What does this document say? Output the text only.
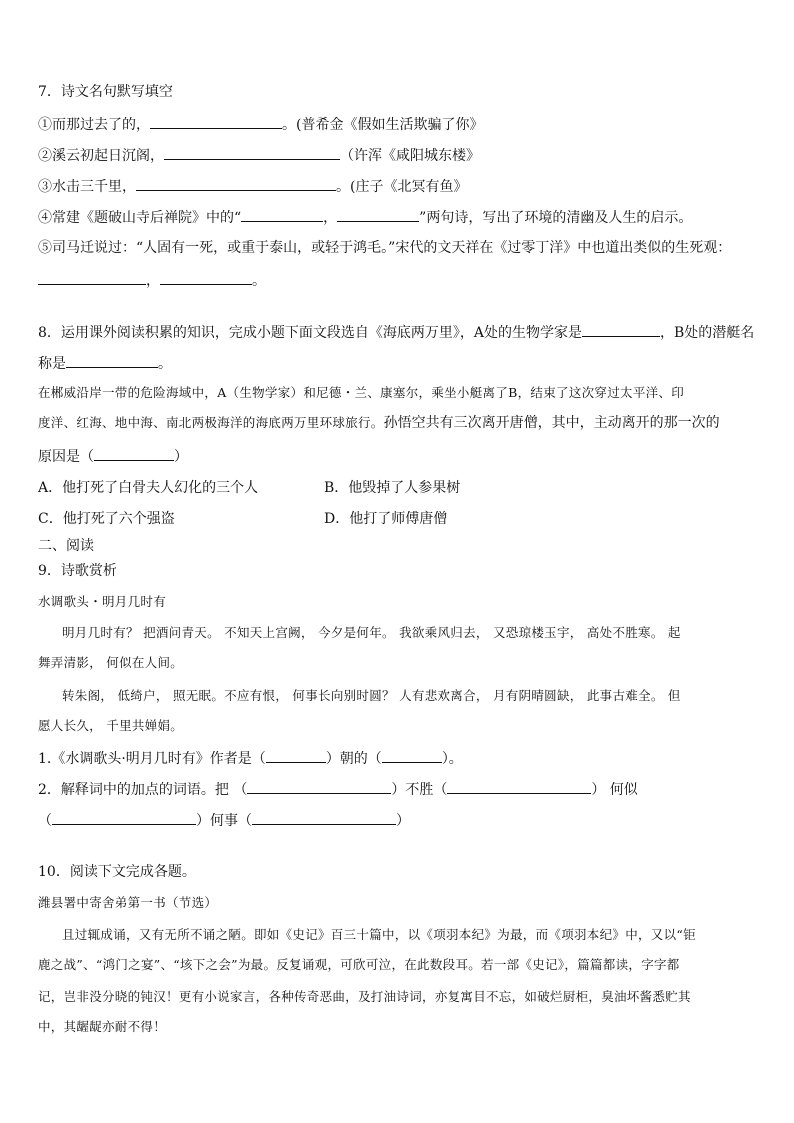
7．诗文名句默写填空
①而那过去了的，	。(普希金《假如生活欺骗了你》
②溪云初起日沉阁，	（许浑《咸阳城东楼》
③水击三千里，	。(庄子《北冥有鱼》
④常建《题破山寺后禅院》中的“	，	”两句诗，写出了环境的清幽及人生的启示。
⑤司马迁说过：“人固有一死，或重于泰山，或轻于鸿毛。”宋代的文天祥在《过零丁洋》中也道出类似的生死观：
，	。
8．运用课外阅读积累的知识，完成小题下面文段选自《海底两万里》，A处的生物学家是	，B处的潜艇名
称是	。
在郴威沿岸一带的危险海域中，A（生物学家）和尼德・兰、康塞尔，乘坐小艇离了B，结束了这次穿过太平洋、印
度洋、红海、地中海、南北两极海洋的海底两万里环球旅行。孙悟空共有三次离开唐僧，其中，主动离开的那一次的
原因是（	）
A．他打死了白骨夫人幻化的三个人	B．他毁掉了人参果树
C．他打死了六个强盗	D．他打了师傅唐僧
二、阅读
9．诗歌赏析
水调歌头・明月几时有
明月几时有？ 把酒问青天。 不知天上宫阙， 今夕是何年。 我欲乘风归去， 又恐琼楼玉宇， 高处不胜寒。 起
舞弄清影， 何似在人间。
转朱阁， 低绮户， 照无眠。不应有恨， 何事长向别时圆？ 人有悲欢离合， 月有阴晴圆缺， 此事古难全。 但
愿人长久， 千里共婵娟。
1.《水调歌头·明月几时有》作者是（	）朝的（	）。
2．解释词中的加点的词语。把 （	）不胜（	） 何似
（	）何事（	）
10．阅读下文完成各题。
潍县署中寄舍弟第一书（节选）
且过辄成诵，又有无所不诵之陋。即如《史记》百三十篇中，以《项羽本纪》为最，而《项羽本纪》中，又以“钜
鹿之战”、“鸿门之宴”、“垓下之会”为最。反复诵观，可欣可泣，在此数段耳。若一部《史记》，篇篇都读，字字都
记，岂非没分晓的钝汉！更有小说家言，各种传奇恶曲，及打油诗词，亦复寓目不忘，如破烂厨柜，臭油坏酱悉贮其
中，其龌龊亦耐不得！
